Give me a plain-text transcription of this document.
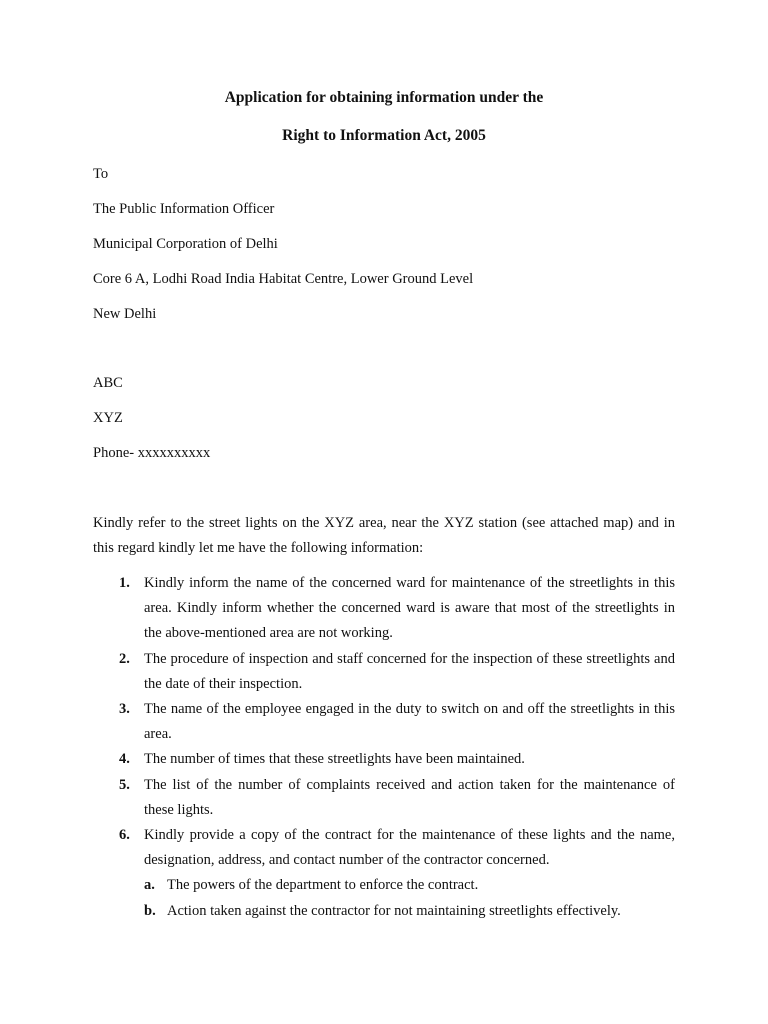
Application for obtaining information under the
Right to Information Act, 2005
To
The Public Information Officer
Municipal Corporation of Delhi
Core 6 A, Lodhi Road India Habitat Centre, Lower Ground Level
New Delhi
ABC
XYZ
Phone- xxxxxxxxxx
Kindly refer to the street lights on the XYZ area, near the XYZ station (see attached map) and in this regard kindly let me have the following information:
1. Kindly inform the name of the concerned ward for maintenance of the streetlights in this area. Kindly inform whether the concerned ward is aware that most of the streetlights in the above-mentioned area are not working.
2. The procedure of inspection and staff concerned for the inspection of these streetlights and the date of their inspection.
3. The name of the employee engaged in the duty to switch on and off the streetlights in this area.
4. The number of times that these streetlights have been maintained.
5. The list of the number of complaints received and action taken for the maintenance of these lights.
6. Kindly provide a copy of the contract for the maintenance of these lights and the name, designation, address, and contact number of the contractor concerned.
a. The powers of the department to enforce the contract.
b. Action taken against the contractor for not maintaining streetlights effectively.
